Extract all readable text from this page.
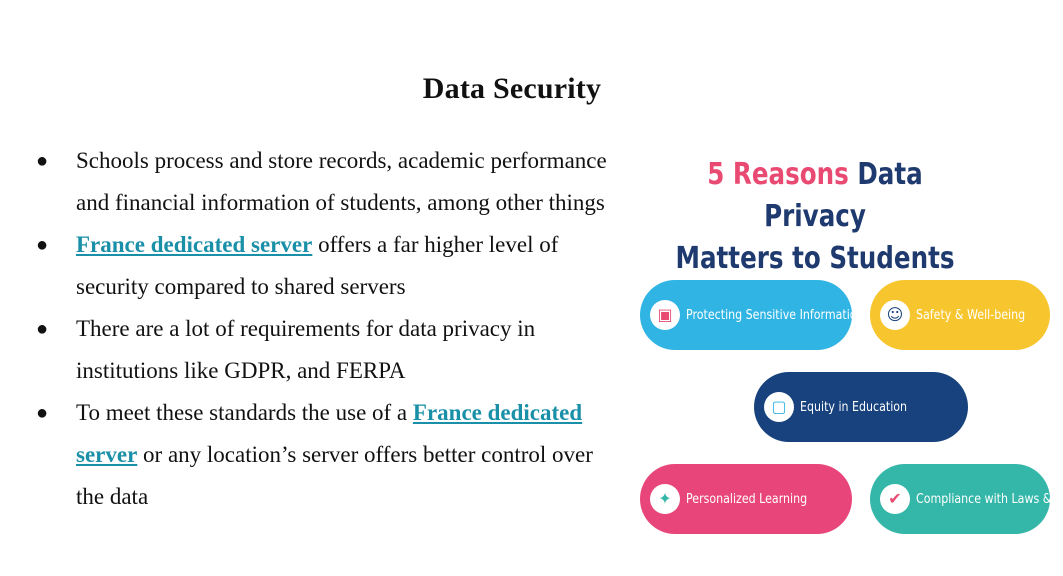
Data Security
● Schools process and store records, academic performance and financial information of students, among other things
● France dedicated server offers a far higher level of security compared to shared servers
● There are a lot of requirements for data privacy in institutions like GDPR, and FERPA
● To meet these standards the use of a France dedicated server or any location’s server offers better control over the data
5 Reasons Data Privacy
Matters to Students
▣	Protecting Sensitive Information	☺ Safety & Well-being
▢	Equity in Education
✦	Personalized Learning	✔	Compliance with Laws & R
